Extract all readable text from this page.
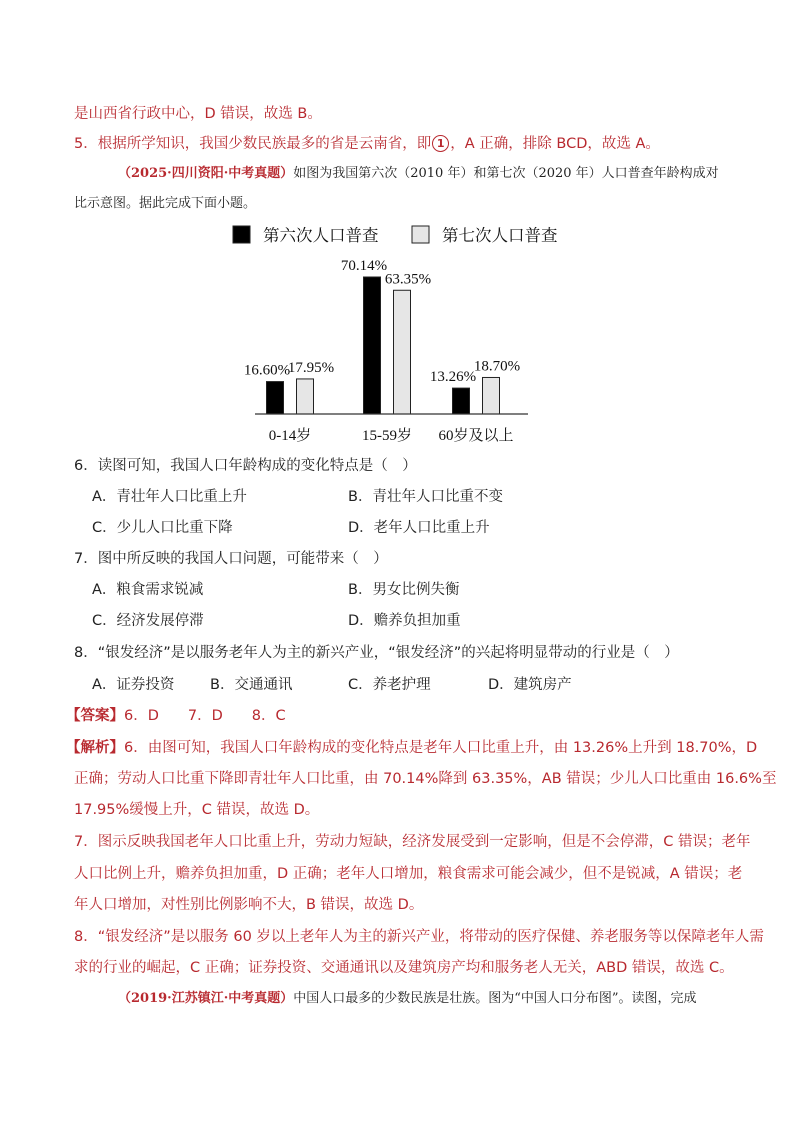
是山西省行政中心，D 错误，故选 B。
5．根据所学知识，我国少数民族最多的省是云南省，即 1 ，A 正确，排除 BCD，故选 A。
（2025·四川资阳·中考真题）如图为我国第六次（2010 年）和第七次（2020 年）人口普查年龄构成对
比示意图。据此完成下面小题。
第六次人口普查	第七次人口普查
16.60%
70.14%
13.26%
17.95%
63.35%
18.70%
0-14岁	15-59岁 60岁及以上
6．读图可知，我国人口年龄构成的变化特点是（　）
A．青壮年人口比重上升	B．青壮年人口比重不变
C．少儿人口比重下降	D．老年人口比重上升
7．图中所反映的我国人口问题，可能带来（　）
A．粮食需求锐减	B．男女比例失衡
C．经济发展停滞	D．赡养负担加重
8．“银发经济”是以服务老年人为主的新兴产业，“银发经济”的兴起将明显带动的行业是（　）
A．证券投资 B．交通通讯	C．养老护理	D．建筑房产
【答案】6．D　　7．D　　8．C
【解析】6．由图可知，我国人口年龄构成的变化特点是老年人口比重上升，由 13.26%上升到 18.70%，D
正确；劳动人口比重下降即青壮年人口比重，由 70.14%降到 63.35%，AB 错误；少儿人口比重由 16.6%至
17.95%缓慢上升，C 错误，故选 D。
7．图示反映我国老年人口比重上升，劳动力短缺，经济发展受到一定影响，但是不会停滞，C 错误；老年
人口比例上升，赡养负担加重，D 正确；老年人口增加，粮食需求可能会减少，但不是锐减，A 错误；老
年人口增加，对性别比例影响不大，B 错误，故选 D。
8．“银发经济”是以服务 60 岁以上老年人为主的新兴产业，将带动的医疗保健、养老服务等以保障老年人需
求的行业的崛起，C 正确；证券投资、交通通讯以及建筑房产均和服务老人无关，ABD 错误，故选 C。
（2019·江苏镇江·中考真题）中国人口最多的少数民族是壮族。图为“中国人口分布图”。读图，完成
